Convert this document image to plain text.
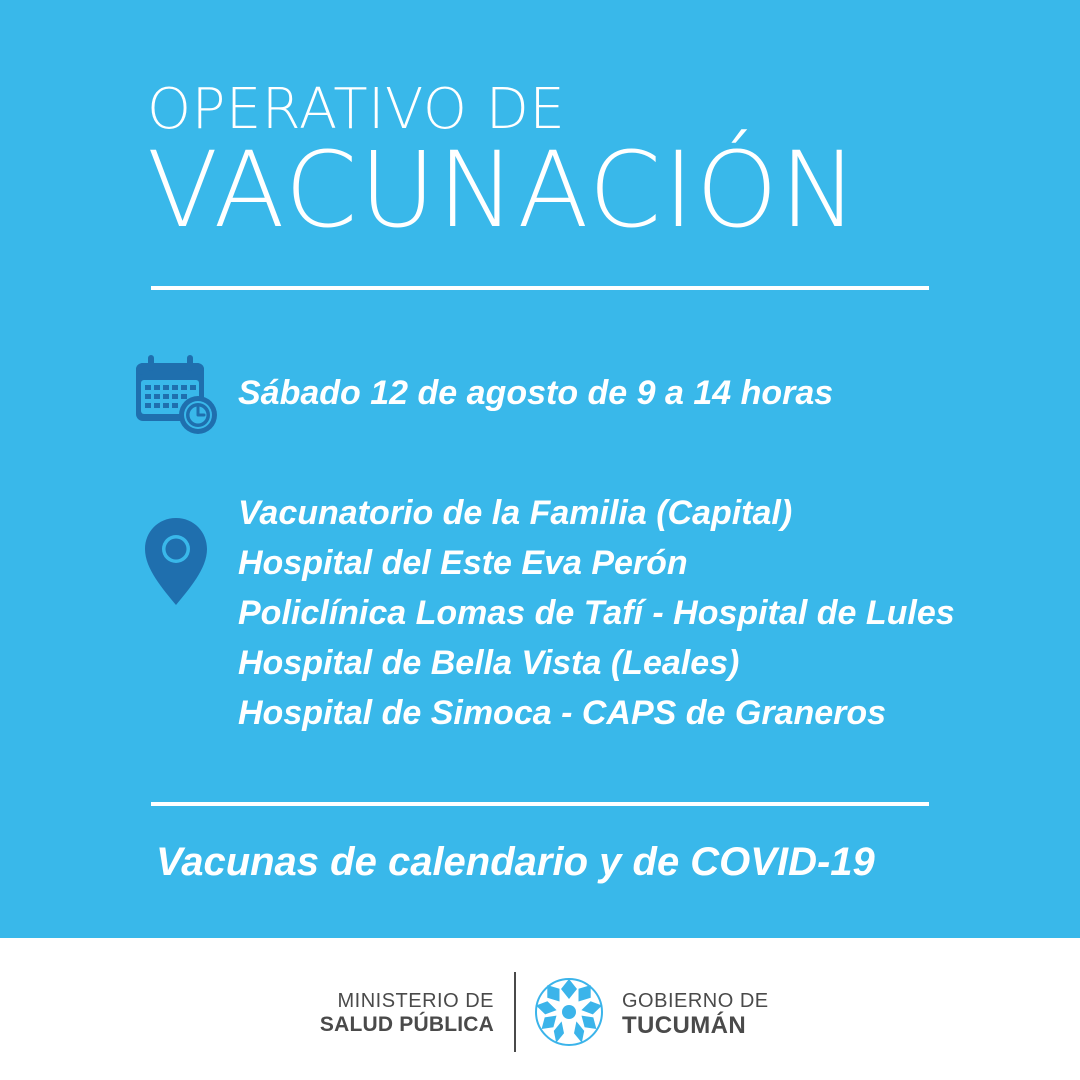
OPERATIVO DE
VACUNACIÓN

Sábado 12 de agosto de 9 a 14 horas

Vacunatorio de la Familia (Capital)
Hospital del Este Eva Perón
Policlínica Lomas de Tafí - Hospital de Lules
Hospital de Bella Vista (Leales)
Hospital de Simoca - CAPS de Graneros

Vacunas de calendario y de COVID-19

MINISTERIO DE
SALUD PÚBLICA
GOBIERNO DE
TUCUMÁN
